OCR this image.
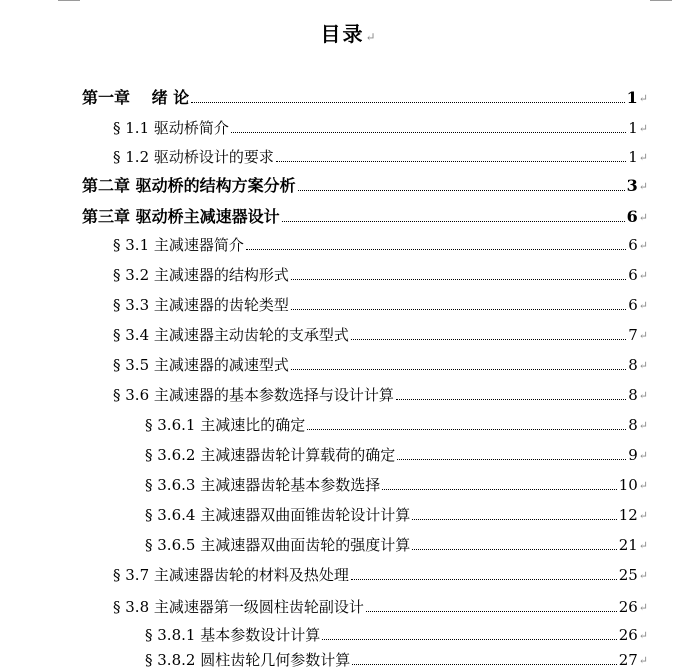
目录↵
第一章　 绪 论	1 ↵
§ 1.1 驱动桥简介	1 ↵
§ 1.2 驱动桥设计的要求	1 ↵
第二章 驱动桥的结构方案分析	3 ↵
第三章 驱动桥主减速器设计	6 ↵
§ 3.1 主减速器简介	6 ↵
§ 3.2 主减速器的结构形式	6 ↵
§ 3.3 主减速器的齿轮类型	6 ↵
§ 3.4 主减速器主动齿轮的支承型式	7 ↵
§ 3.5 主减速器的减速型式	8 ↵
§ 3.6 主减速器的基本参数选择与设计计算	8 ↵
§ 3.6.1 主减速比的确定	8 ↵
§ 3.6.2 主减速器齿轮计算载荷的确定	9 ↵
§ 3.6.3 主减速器齿轮基本参数选择	10 ↵
§ 3.6.4 主减速器双曲面锥齿轮设计计算	12 ↵
§ 3.6.5 主减速器双曲面齿轮的强度计算	21 ↵
§ 3.7 主减速器齿轮的材料及热处理	25 ↵
§ 3.8 主减速器第一级圆柱齿轮副设计	26 ↵
§ 3.8.1 基本参数设计计算	26 ↵
§ 3.8.2 圆柱齿轮几何参数计算	27 ↵
